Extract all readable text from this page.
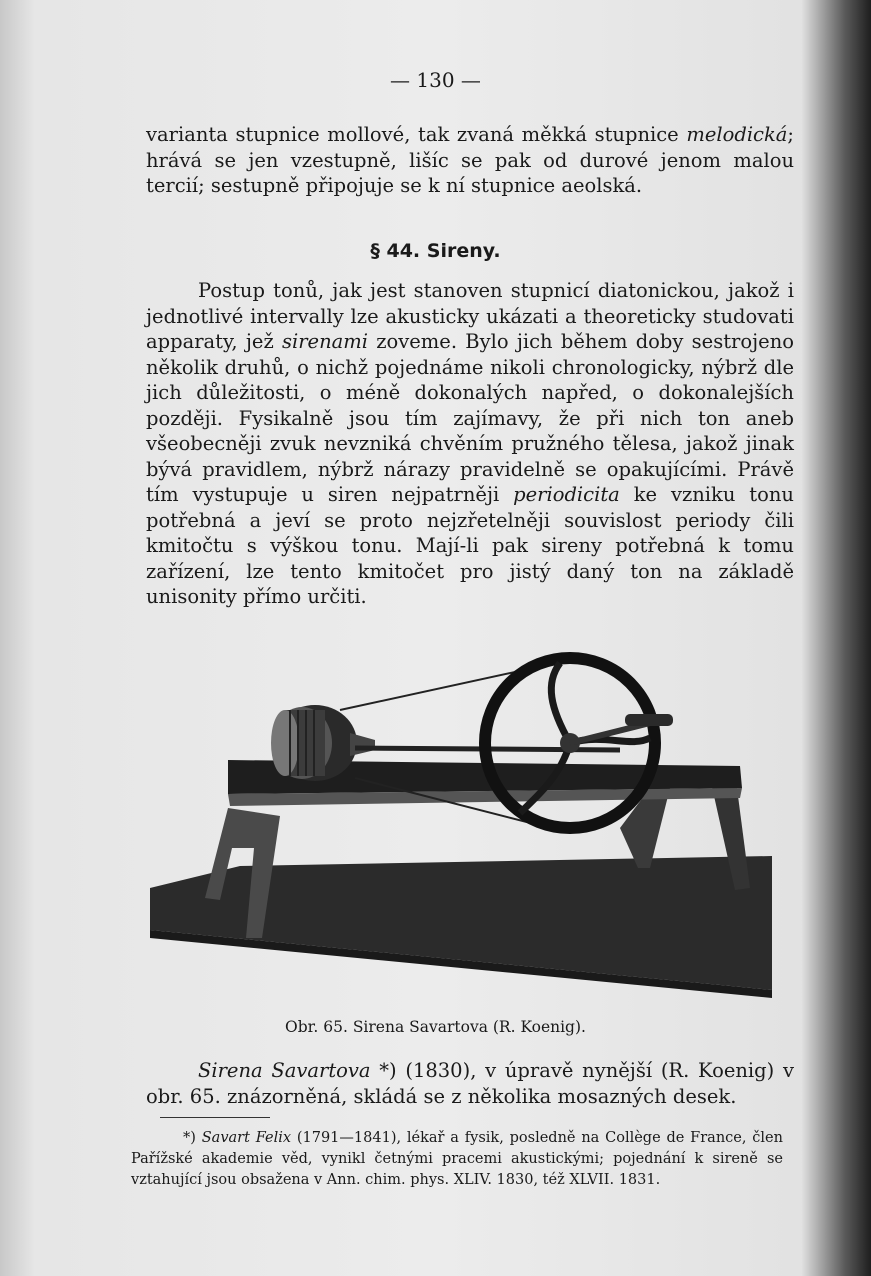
— 130 —

varianta stupnice mollové, tak zvaná měkká stupnice melodická; hrává se jen vzestupně, lišíc se pak od durové jenom malou tercií; sestupně připojuje se k ní stupnice aeolská.

§ 44. Sireny.

Postup tonů, jak jest stanoven stupnicí diatonickou, jakož i jednotlivé intervally lze akusticky ukázati a theoreticky studovati apparaty, jež sirenami zoveme. Bylo jich během doby sestrojeno několik druhů, o nichž pojednáme nikoli chronologicky, nýbrž dle jich důležitosti, o méně dokonalých napřed, o dokonalejších později. Fysikalně jsou tím zajímavy, že při nich ton aneb všeobecněji zvuk nevzniká chvěním pružného tělesa, jakož jinak bývá pravidlem, nýbrž nárazy pravidelně se opakujícími. Právě tím vystupuje u siren nejpatrněji periodicita ke vzniku tonu potřebná a jeví se proto nejzřetelněji souvislost periody čili kmitočtu s výškou tonu. Mají-li pak sireny potřebná k tomu zařízení, lze tento kmitočet pro jistý daný ton na základě unisonity přímo určiti.

Obr. 65. Sirena Savartova (R. Koenig).

Sirena Savartova *) (1830), v úpravě nynější (R. Koenig) v obr. 65. znázorněná, skládá se z několika mosazných desek.

*) Savart Felix (1791—1841), lékař a fysik, posledně na Collège de France, člen Pařížské akademie věd, vynikl četnými pracemi akustickými; pojednání k sireně se vztahující jsou obsažena v Ann. chim. phys. XLIV. 1830, též XLVII. 1831.
